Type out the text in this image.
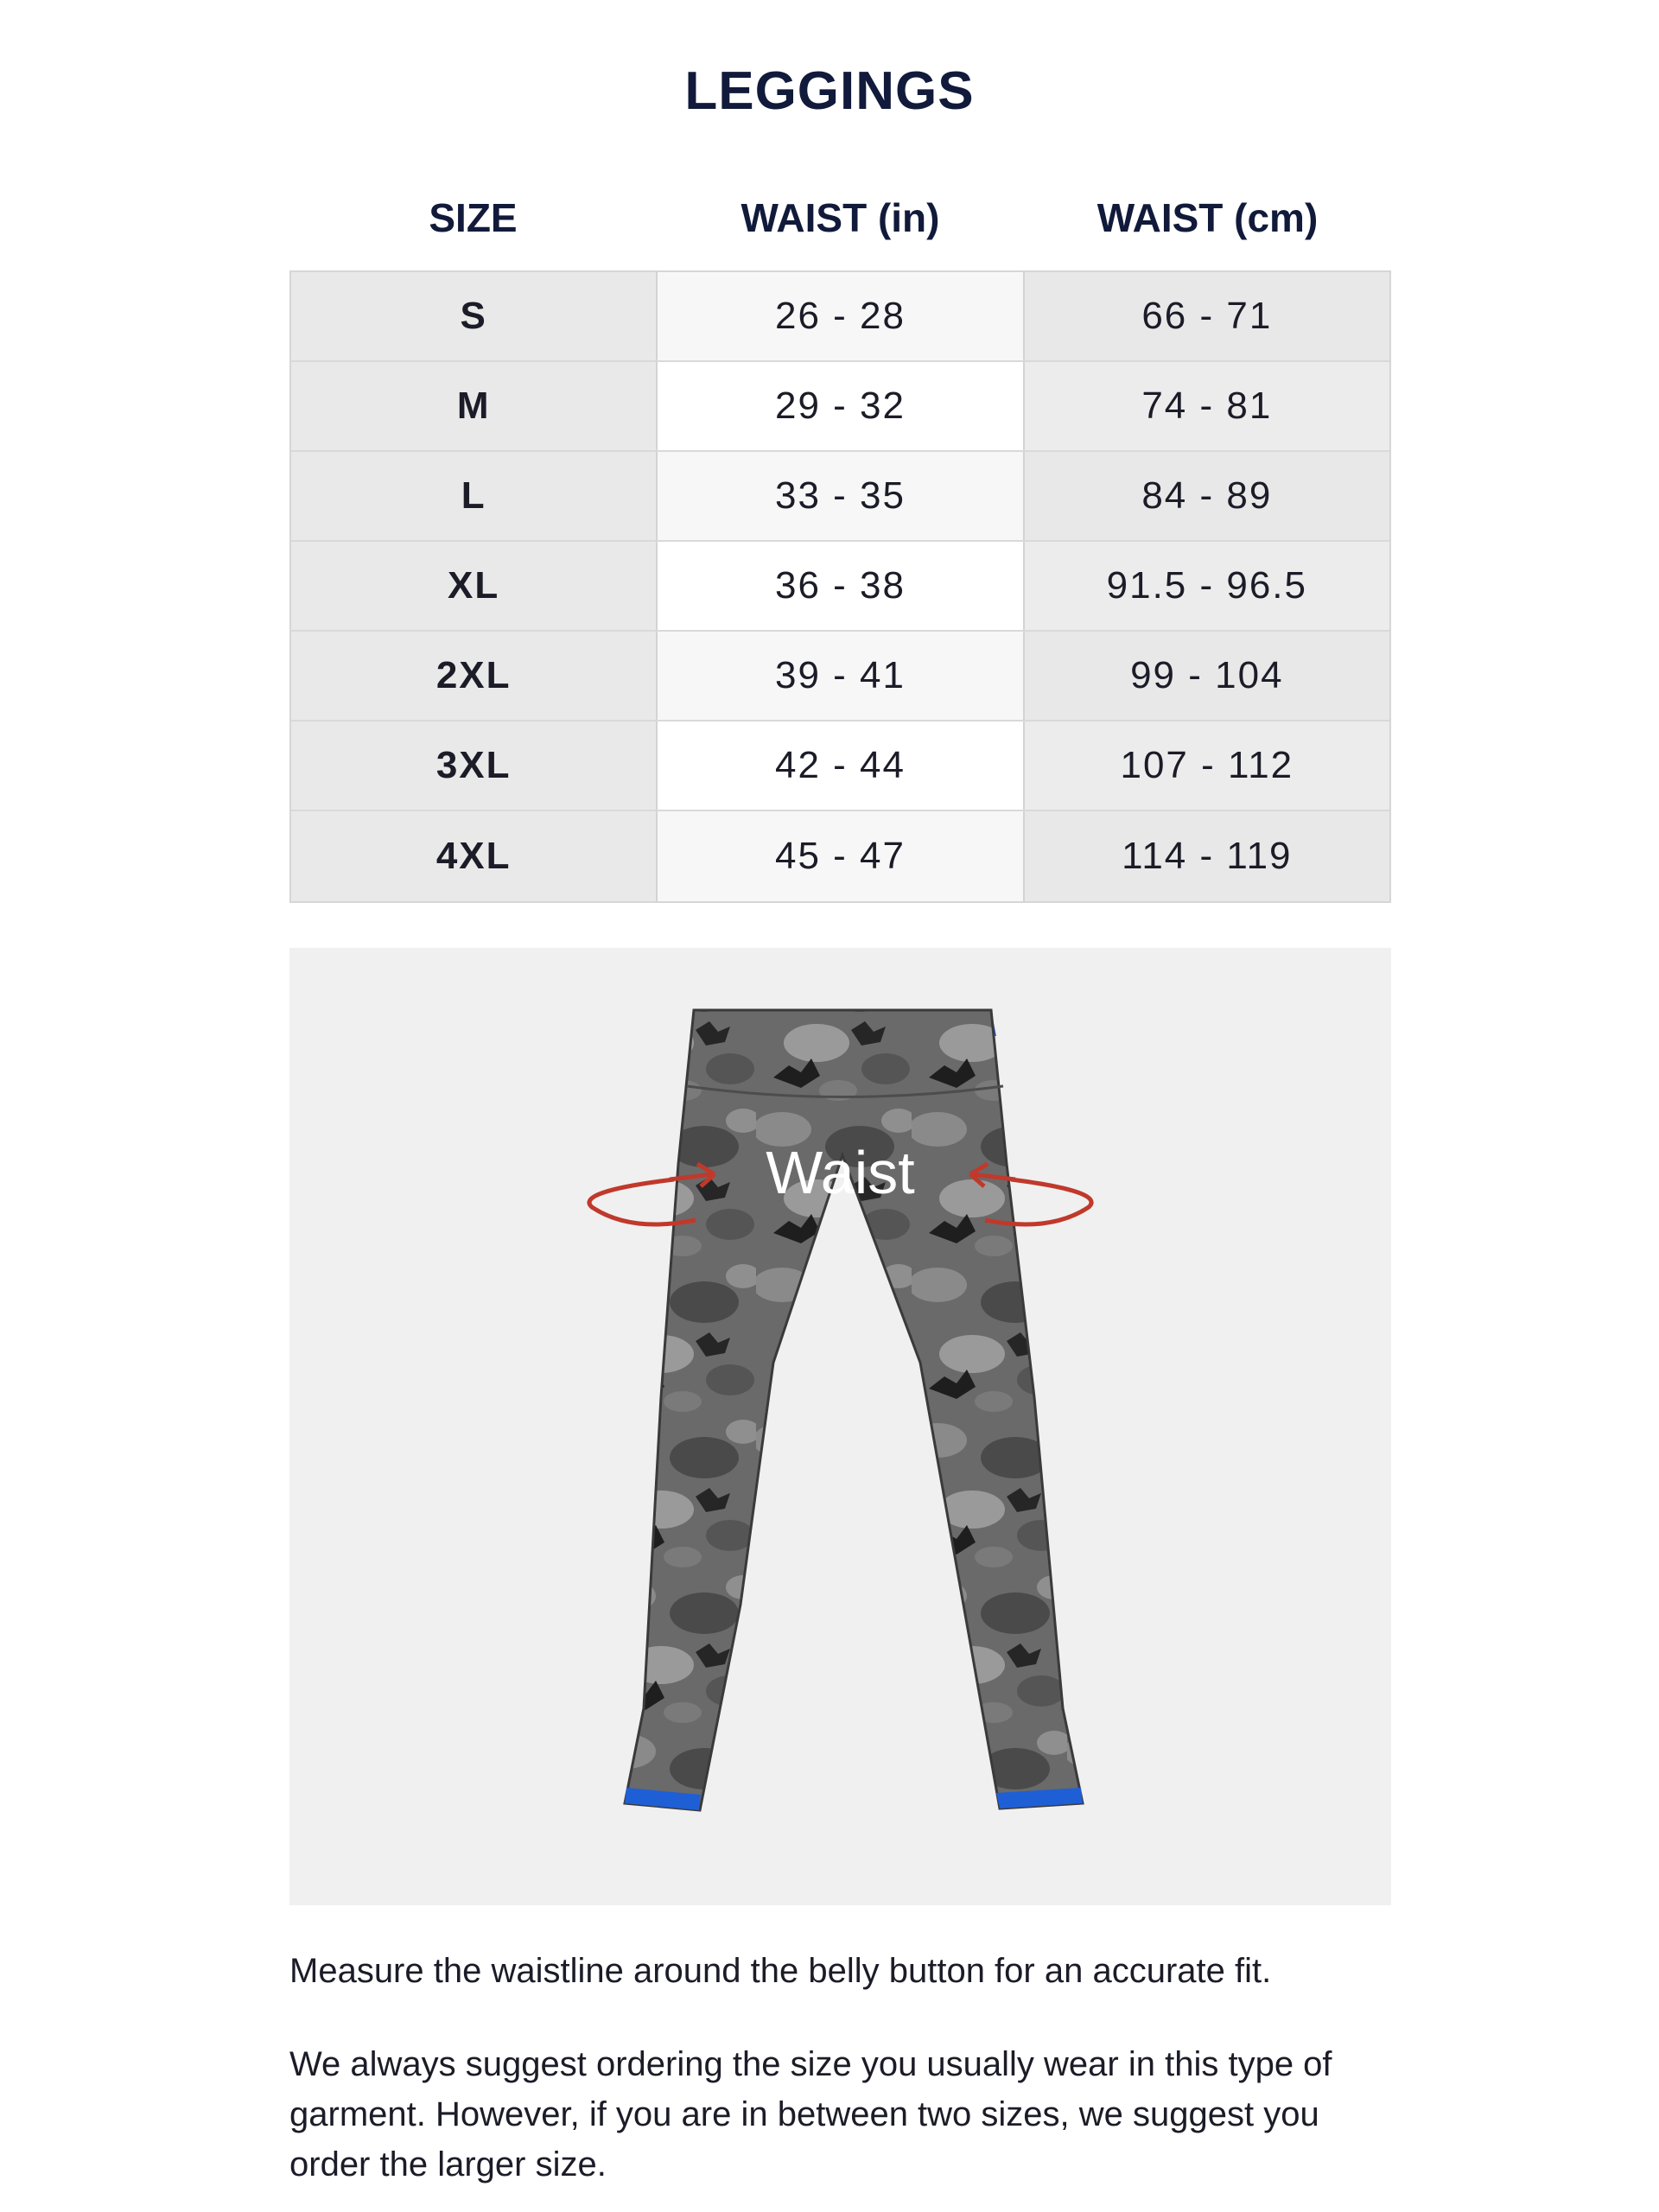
LEGGINGS
SIZE	WAIST (in)	WAIST (cm)
S	26 - 28	66 - 71
M	29 - 32	74 - 81
L	33 - 35	84 - 89
XL	36 - 38	91.5 - 96.5
2XL	39 - 41	99 - 104
3XL	42 - 44	107 - 112
4XL	45 - 47	114 - 119
Waist
Measure the waistline around the belly button for an accurate fit.
We always suggest ordering the size you usually wear in this type of garment. However, if you are in between two sizes, we suggest you order the larger size.
